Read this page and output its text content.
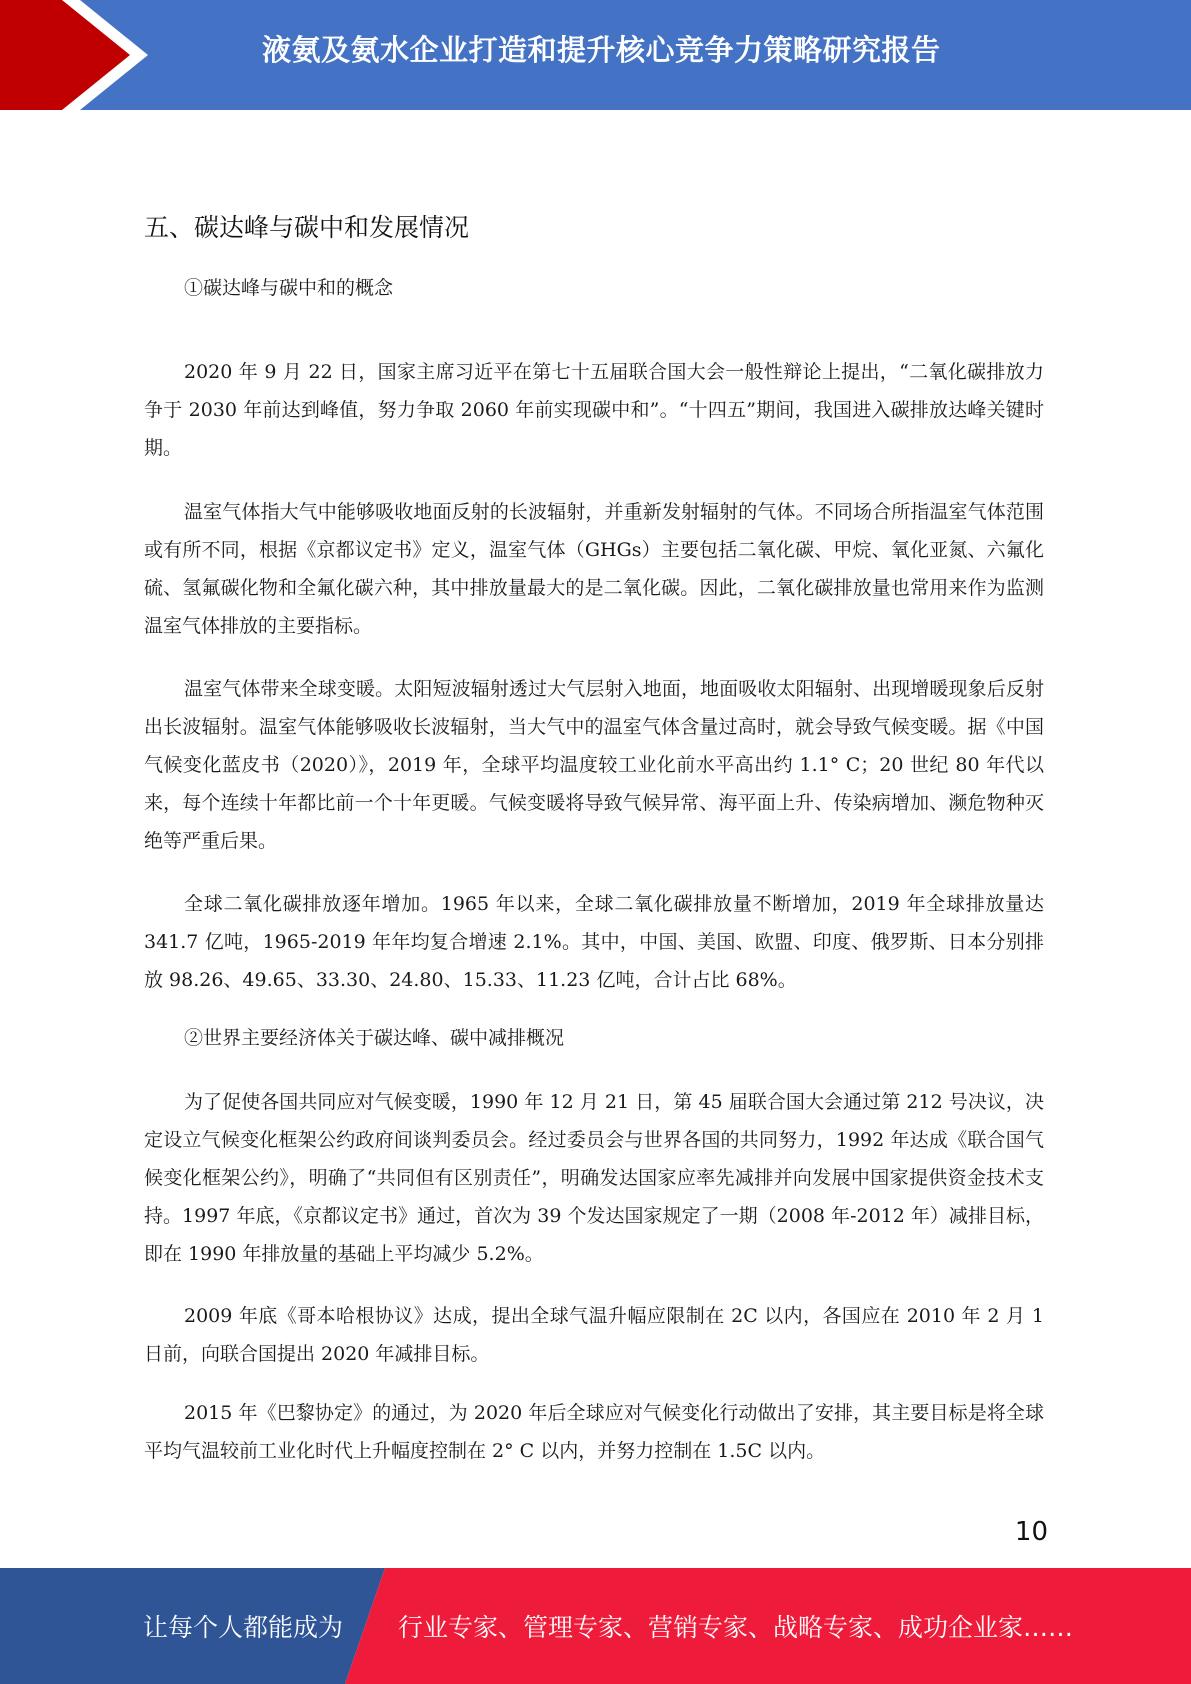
液氨及氨水企业打造和提升核心竞争力策略研究报告
五、碳达峰与碳中和发展情况

①碳达峰与碳中和的概念

2020 年 9 月 22 日，国家主席习近平在第七十五届联合国大会一般性辩论上提出，“二氧化碳排放力争于 2030 年前达到峰值，努力争取 2060 年前实现碳中和”。“十四五”期间，我国进入碳排放达峰关键时期。

温室气体指大气中能够吸收地面反射的长波辐射，并重新发射辐射的气体。不同场合所指温室气体范围或有所不同，根据《京都议定书》定义，温室气体（GHGs）主要包括二氧化碳、甲烷、氧化亚氮、六氟化硫、氢氟碳化物和全氟化碳六种，其中排放量最大的是二氧化碳。因此，二氧化碳排放量也常用来作为监测温室气体排放的主要指标。

温室气体带来全球变暖。太阳短波辐射透过大气层射入地面，地面吸收太阳辐射、出现增暖现象后反射出长波辐射。温室气体能够吸收长波辐射，当大气中的温室气体含量过高时，就会导致气候变暖。据《中国气候变化蓝皮书（2020）》，2019 年，全球平均温度较工业化前水平高出约 1.1° C；20 世纪 80 年代以来，每个连续十年都比前一个十年更暖。气候变暖将导致气候异常、海平面上升、传染病增加、濒危物种灭绝等严重后果。

全球二氧化碳排放逐年增加。1965 年以来，全球二氧化碳排放量不断增加，2019 年全球排放量达 341.7 亿吨，1965-2019 年年均复合增速 2.1%。其中，中国、美国、欧盟、印度、俄罗斯、日本分别排放 98.26、49.65、33.30、24.80、15.33、11.23 亿吨，合计占比 68%。

②世界主要经济体关于碳达峰、碳中减排概况

为了促使各国共同应对气候变暖，1990 年 12 月 21 日，第 45 届联合国大会通过第 212 号决议，决定设立气候变化框架公约政府间谈判委员会。经过委员会与世界各国的共同努力，1992 年达成《联合国气候变化框架公约》，明确了“共同但有区别责任”，明确发达国家应率先减排并向发展中国家提供资金技术支持。1997 年底，《京都议定书》通过，首次为 39 个发达国家规定了一期（2008 年-2012 年）减排目标，即在 1990 年排放量的基础上平均减少 5.2%。

2009 年底《哥本哈根协议》达成，提出全球气温升幅应限制在 2C 以内，各国应在 2010 年 2 月 1 日前，向联合国提出 2020 年减排目标。

2015 年《巴黎协定》的通过，为 2020 年后全球应对气候变化行动做出了安排，其主要目标是将全球平均气温较前工业化时代上升幅度控制在 2° C 以内，并努力控制在 1.5C 以内。

10
让每个人都能成为 行业专家、管理专家、营销专家、战略专家、成功企业家……
